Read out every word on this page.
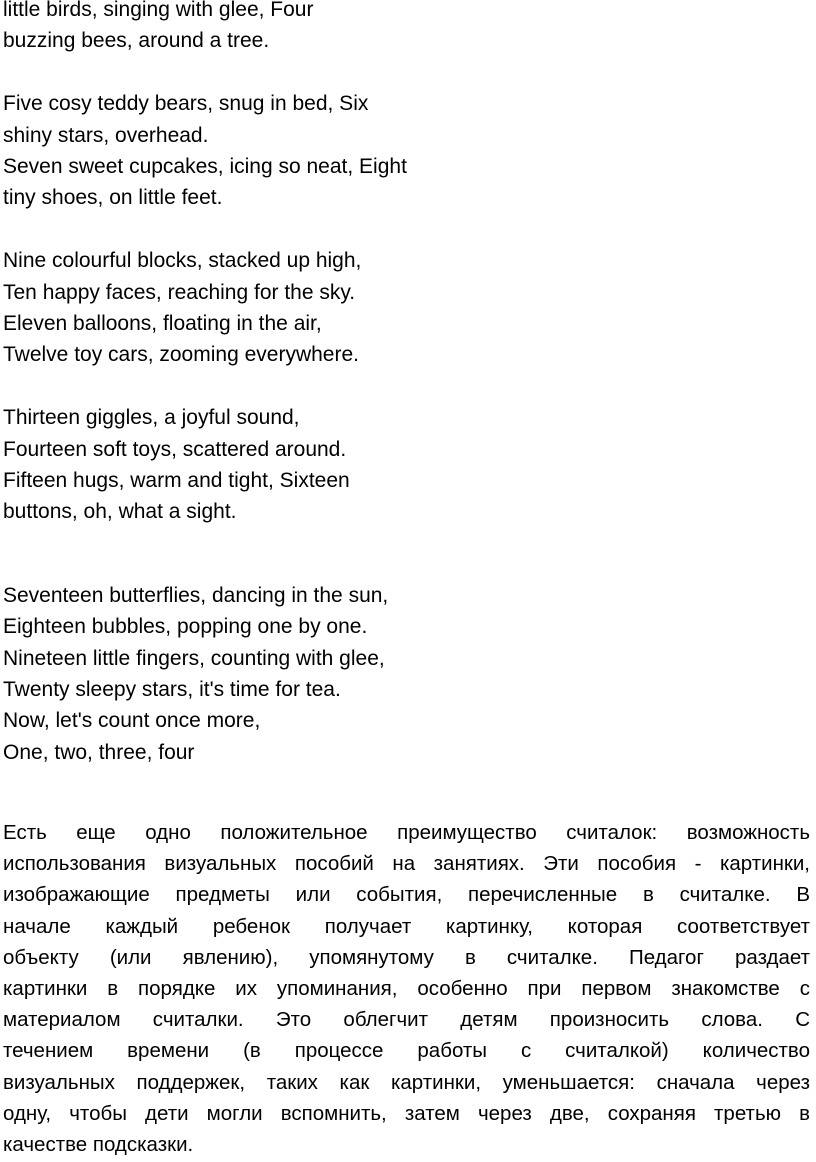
little birds, singing with glee, Four
buzzing bees, around a tree.
Five cosy teddy bears, snug in bed, Six
shiny stars, overhead.
Seven sweet cupcakes, icing so neat, Eight
tiny shoes, on little feet.
Nine colourful blocks, stacked up high,
Ten happy faces, reaching for the sky.
Eleven balloons, floating in the air,
Twelve toy cars, zooming everywhere.
Thirteen giggles, a joyful sound,
Fourteen soft toys, scattered around.
Fifteen hugs, warm and tight, Sixteen
buttons, oh, what a sight.
Seventeen butterflies, dancing in the sun,
Eighteen bubbles, popping one by one.
Nineteen little fingers, counting with glee,
Twenty sleepy stars, it's time for tea.
Now, let's count once more,
One, two, three, four
Есть еще одно положительное преимущество считалок: возможность
использования визуальных пособий на занятиях. Эти пособия - картинки,
изображающие предметы или события, перечисленные в считалке. В
начале каждый ребенок получает картинку, которая соответствует
объекту (или явлению), упомянутому в считалке. Педагог раздает
картинки в порядке их упоминания, особенно при первом знакомстве с
материалом считалки. Это облегчит детям произносить слова. С
течением времени (в процессе работы с считалкой) количество
визуальных поддержек, таких как картинки, уменьшается: сначала через
одну, чтобы дети могли вспомнить, затем через две, сохраняя третью в
качестве подсказки.
